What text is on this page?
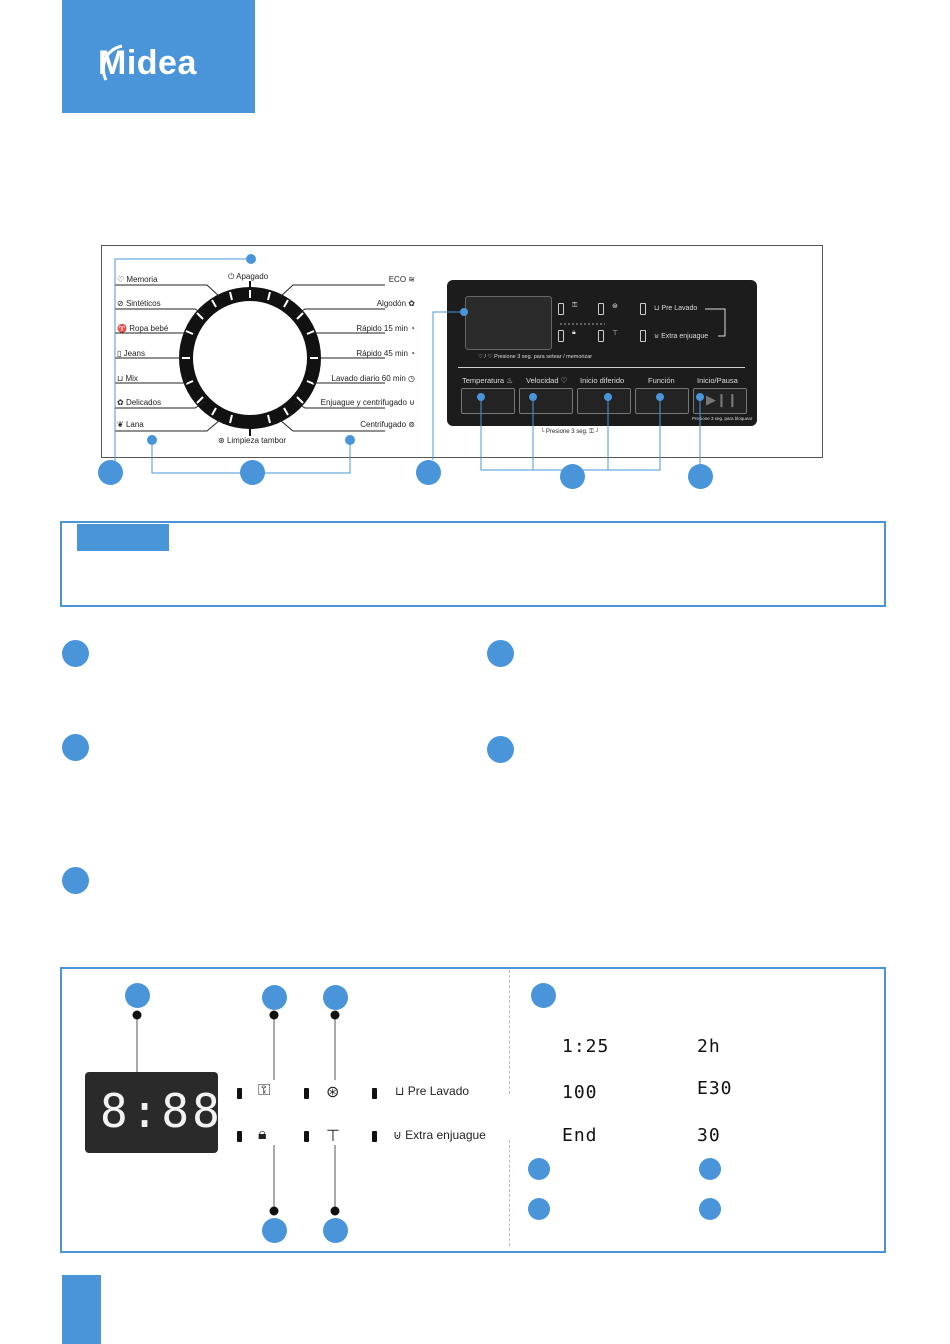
Midea
⏻ Apagado
⊛ Limpieza tambor
♡ Memoria
⊘ Sintéticos
♈ Ropa bebé
▯ Jeans
⊔ Mix
✿ Delicados
❦ Lana
ECO ≋
Algodón ✿
Rápido 15 min ◔
Rápido 45 min ◔
Lavado diario 60 min ◷
Enjuague y centrifugado ⊍
Centrifugado ⊚
⚿	⊛	⊔ Pre Lavado
🔒︎	⊤	⊍ Extra enjuague
♡ / ♡ Presione 3 seg. para setear / memorizar
Temperatura ♨ Velocidad ♡ Inicio diferido	Función	Inicio/Pausa
▶❙❙
Presione 3 seg. para bloquear
└ Presione 3 seg. ⚿ ┘
8:88 ⚿	⊛	⊔ Pre Lavado
🔒︎	⊤	⊍ Extra enjuague
1:25	2h
100	E30
End	30
